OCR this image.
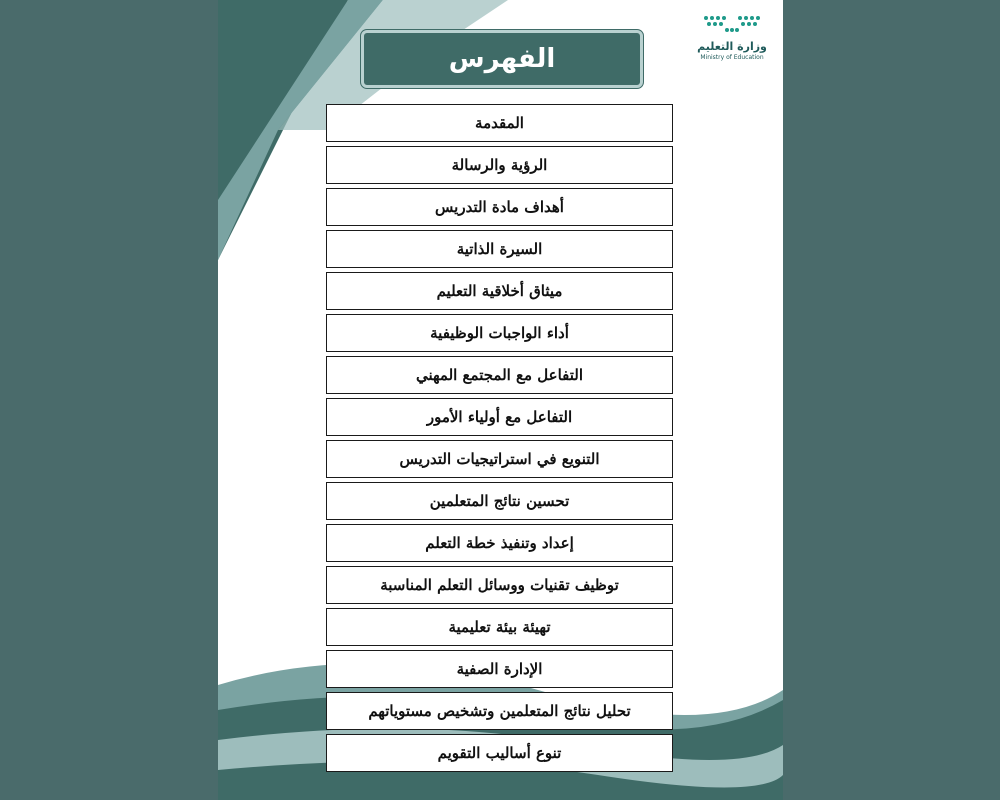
وزارة التعليم
Ministry of Education
الفهرس
المقدمة
الرؤية والرسالة
أهداف مادة التدريس
السيرة الذاتية
ميثاق أخلاقية التعليم
أداء الواجبات الوظيفية
التفاعل مع المجتمع المهني
التفاعل مع أولياء الأمور
التنويع في استراتيجيات التدريس
تحسين نتائج المتعلمين
إعداد وتنفيذ خطة التعلم
توظيف تقنيات ووسائل التعلم المناسبة
تهيئة بيئة تعليمية
الإدارة الصفية
تحليل نتائج المتعلمين وتشخيص مستوياتهم
تنوع أساليب التقويم
